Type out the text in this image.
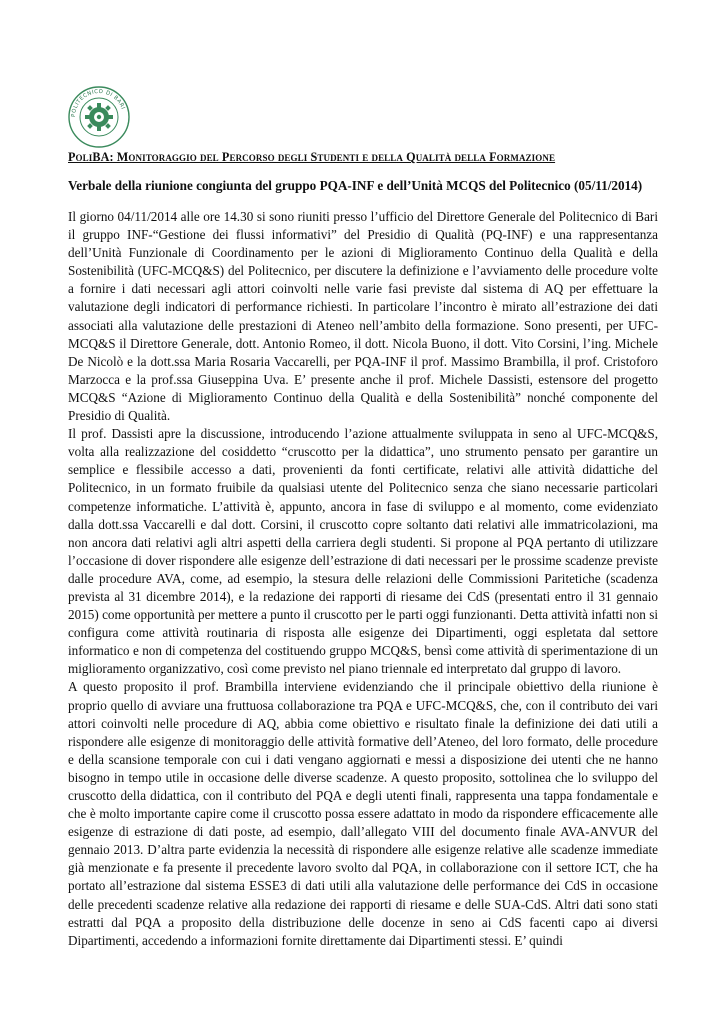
POLITECNICO DI BARI
PoliBA: Monitoraggio del Percorso degli Studenti e della Qualità della Formazione
Verbale della riunione congiunta del gruppo PQA-INF e dell’Unità MCQS del Politecnico (05/11/2014)

Il giorno 04/11/2014 alle ore 14.30 si sono riuniti presso l’ufficio del Direttore Generale del Politecnico di Bari il gruppo INF-“Gestione dei flussi informativi” del Presidio di Qualità (PQ-INF) e una rappresentanza dell’Unità Funzionale di Coordinamento per le azioni di Miglioramento Continuo della Qualità e della Sostenibilità (UFC-MCQ&S) del Politecnico, per discutere la definizione e l’avviamento delle procedure volte a fornire i dati necessari agli attori coinvolti nelle varie fasi previste dal sistema di AQ per effettuare la valutazione degli indicatori di performance richiesti. In particolare l’incontro è mirato all’estrazione dei dati associati alla valutazione delle prestazioni di Ateneo nell’ambito della formazione. Sono presenti, per UFC-MCQ&S il Direttore Generale, dott. Antonio Romeo, il dott. Nicola Buono, il dott. Vito Corsini, l’ing. Michele De Nicolò e la dott.ssa Maria Rosaria Vaccarelli, per PQA-INF il prof. Massimo Brambilla, il prof. Cristoforo Marzocca e la prof.ssa Giuseppina Uva. E’ presente anche il prof. Michele Dassisti, estensore del progetto MCQ&S “Azione di Miglioramento Continuo della Qualità e della Sostenibilità” nonché componente del Presidio di Qualità.

Il prof. Dassisti apre la discussione, introducendo l’azione attualmente sviluppata in seno al UFC-MCQ&S, volta alla realizzazione del cosiddetto “cruscotto per la didattica”, uno strumento pensato per garantire un semplice e flessibile accesso a dati, provenienti da fonti certificate, relativi alle attività didattiche del Politecnico, in un formato fruibile da qualsiasi utente del Politecnico senza che siano necessarie particolari competenze informatiche. L’attività è, appunto, ancora in fase di sviluppo e al momento, come evidenziato dalla dott.ssa Vaccarelli e dal dott. Corsini, il cruscotto copre soltanto dati relativi alle immatricolazioni, ma non ancora dati relativi agli altri aspetti della carriera degli studenti. Si propone al PQA pertanto di utilizzare l’occasione di dover rispondere alle esigenze dell’estrazione di dati necessari per le prossime scadenze previste dalle procedure AVA, come, ad esempio, la stesura delle relazioni delle Commissioni Paritetiche (scadenza prevista al 31 dicembre 2014), e la redazione dei rapporti di riesame dei CdS (presentati entro il 31 gennaio 2015) come opportunità per mettere a punto il cruscotto per le parti oggi funzionanti. Detta attività infatti non si configura come attività routinaria di risposta alle esigenze dei Dipartimenti, oggi espletata dal settore informatico e non di competenza del costituendo gruppo MCQ&S, bensì come attività di sperimentazione di un miglioramento organizzativo, così come previsto nel piano triennale ed interpretato dal gruppo di lavoro.

A questo proposito il prof. Brambilla interviene evidenziando che il principale obiettivo della riunione è proprio quello di avviare una fruttuosa collaborazione tra PQA e UFC-MCQ&S, che, con il contributo dei vari attori coinvolti nelle procedure di AQ, abbia come obiettivo e risultato finale la definizione dei dati utili a rispondere alle esigenze di monitoraggio delle attività formative dell’Ateneo, del loro formato, delle procedure e della scansione temporale con cui i dati vengano aggiornati e messi a disposizione dei utenti che ne hanno bisogno in tempo utile in occasione delle diverse scadenze. A questo proposito, sottolinea che lo sviluppo del cruscotto della didattica, con il contributo del PQA e degli utenti finali, rappresenta una tappa fondamentale e che è molto importante capire come il cruscotto possa essere adattato in modo da rispondere efficacemente alle esigenze di estrazione di dati poste, ad esempio, dall’allegato VIII del documento finale AVA-ANVUR del gennaio 2013. D’altra parte evidenzia la necessità di rispondere alle esigenze relative alle scadenze immediate già menzionate e fa presente il precedente lavoro svolto dal PQA, in collaborazione con il settore ICT, che ha portato all’estrazione dal sistema ESSE3 di dati utili alla valutazione delle performance dei CdS in occasione delle precedenti scadenze relative alla redazione dei rapporti di riesame e delle SUA-CdS. Altri dati sono stati estratti dal PQA a proposito della distribuzione delle docenze in seno ai CdS facenti capo ai diversi Dipartimenti, accedendo a informazioni fornite direttamente dai Dipartimenti stessi. E’ quindi
